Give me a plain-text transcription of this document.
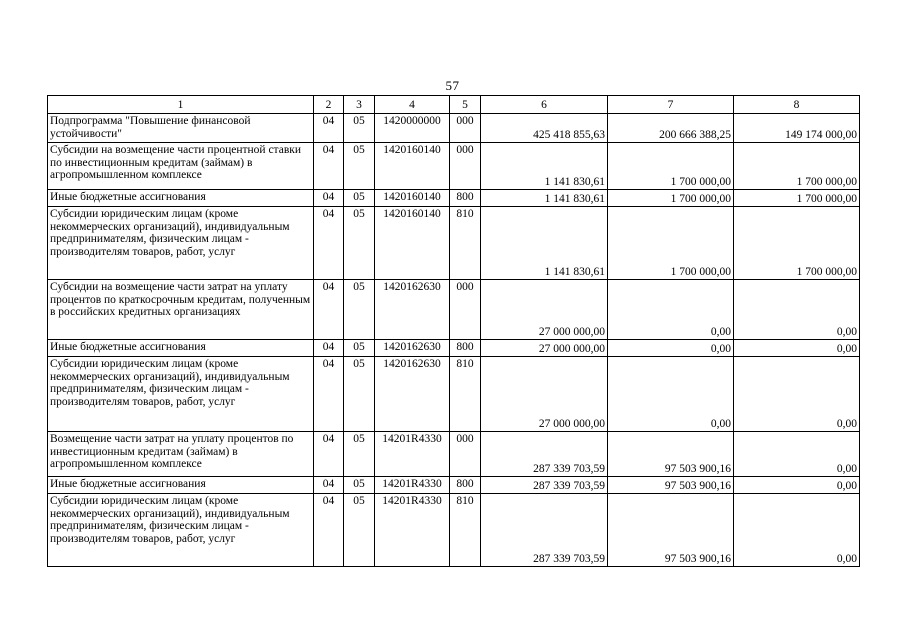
57
1	2	3	4	5	6	7	8
Подпрограмма "Повышение финансовой устойчивости"	04	05	1420000000	000	425 418 855,63	200 666 388,25	149 174 000,00
Субсидии на возмещение части процентной ставки по инвестиционным кредитам (займам) в агропромышленном комплексе	04	05	1420160140	000	1 141 830,61	1 700 000,00	1 700 000,00
Иные бюджетные ассигнования	04	05	1420160140	800	1 141 830,61	1 700 000,00	1 700 000,00
Субсидии юридическим лицам (кроме некоммерческих организаций), индивидуальным предпринимателям, физическим лицам - производителям товаров, работ, услуг	04	05	1420160140	810	1 141 830,61	1 700 000,00	1 700 000,00
Субсидии на возмещение части затрат на уплату процентов по краткосрочным кредитам, полученным в российских кредитных организациях	04	05	1420162630	000	27 000 000,00	0,00	0,00
Иные бюджетные ассигнования	04	05	1420162630	800	27 000 000,00	0,00	0,00
Субсидии юридическим лицам (кроме некоммерческих организаций), индивидуальным предпринимателям, физическим лицам - производителям товаров, работ, услуг	04	05	1420162630	810	27 000 000,00	0,00	0,00
Возмещение части затрат на уплату процентов по инвестиционным кредитам (займам) в агропромышленном комплексе	04	05	14201R4330	000	287 339 703,59	97 503 900,16	0,00
Иные бюджетные ассигнования	04	05	14201R4330	800	287 339 703,59	97 503 900,16	0,00
Субсидии юридическим лицам (кроме некоммерческих организаций), индивидуальным предпринимателям, физическим лицам - производителям товаров, работ, услуг	04	05	14201R4330	810	287 339 703,59	97 503 900,16	0,00
